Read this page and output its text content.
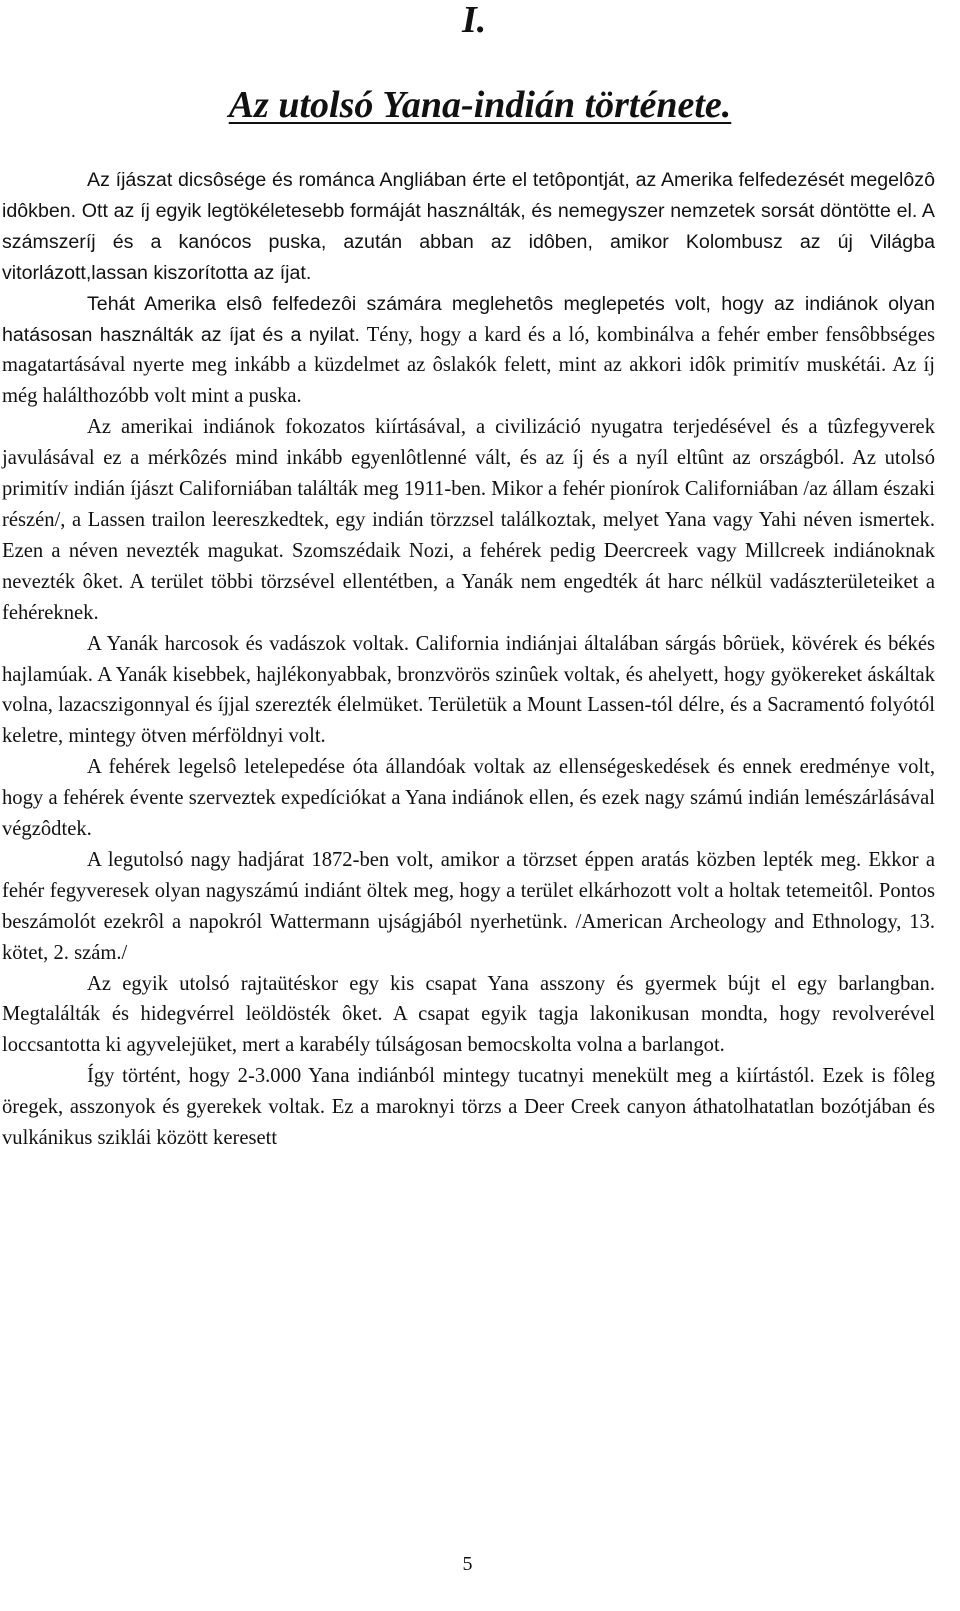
I.
Az utolsó Yana-indián története.

Az íjászat dicsôsége és románca Angliában érte el tetôpontját, az Amerika felfedezését megelôzô idôkben. Ott az íj egyik legtökéletesebb formáját használták, és nemegyszer nemzetek sorsát döntötte el. A számszeríj és a kanócos puska, azután abban az idôben, amikor Kolombusz az új Világba vitorlázott,lassan kiszorította az íjat.

Tehát Amerika elsô felfedezôi számára meglehetôs meglepetés volt, hogy az indiánok olyan hatásosan használták az íjat és a nyilat. Tény, hogy a kard és a ló, kombinálva a fehér ember fensôbbséges magatartásával nyerte meg inkább a küzdelmet az ôslakók felett, mint az akkori idôk primitív muskétái. Az íj még halálthozóbb volt mint a puska.

Az amerikai indiánok fokozatos kiírtásával, a civilizáció nyugatra terjedésével és a tûzfegyverek javulásával ez a mérkôzés mind inkább egyenlôtlenné vált, és az íj és a nyíl eltûnt az országból. Az utolsó primitív indián íjászt Californiában találták meg 1911-ben. Mikor a fehér pionírok Californiában /az állam északi részén/, a Lassen trailon leereszkedtek, egy indián törzzsel találkoztak, melyet Yana vagy Yahi néven ismertek. Ezen a néven nevezték magukat. Szomszédaik Nozi, a fehérek pedig Deercreek vagy Millcreek indiánoknak nevezték ôket. A terület többi törzsével ellentétben, a Yanák nem engedték át harc nélkül vadászterületeiket a fehéreknek.

A Yanák harcosok és vadászok voltak. California indiánjai általában sárgás bôrüek, kövérek és békés hajlamúak. A Yanák kisebbek, hajlékonyabbak, bronzvörös szinûek voltak, és ahelyett, hogy gyökereket áskáltak volna, lazacszigonnyal és íjjal szerezték élelmüket. Területük a Mount Lassen-tól délre, és a Sacramentó folyótól keletre, mintegy ötven mérföldnyi volt.

A fehérek legelsô letelepedése óta állandóak voltak az ellenségeskedések és ennek eredménye volt, hogy a fehérek évente szerveztek expedíciókat a Yana indiánok ellen, és ezek nagy számú indián lemészárlásával végzôdtek.

A legutolsó nagy hadjárat 1872-ben volt, amikor a törzset éppen aratás közben lepték meg. Ekkor a fehér fegyveresek olyan nagyszámú indiánt öltek meg, hogy a terület elkárhozott volt a holtak tetemeitôl. Pontos beszámolót ezekrôl a napokról Wattermann ujságjából nyerhetünk. /American Archeology and Ethnology, 13. kötet, 2. szám./

Az egyik utolsó rajtaütéskor egy kis csapat Yana asszony és gyermek bújt el egy barlangban. Megtalálták és hidegvérrel leöldösték ôket. A csapat egyik tagja lakonikusan mondta, hogy revolverével loccsantotta ki agyvelejüket, mert a karabély túlságosan bemocskolta volna a barlangot.

Így történt, hogy 2-3.000 Yana indiánból mintegy tucatnyi menekült meg a kiírtástól. Ezek is fôleg öregek, asszonyok és gyerekek voltak. Ez a maroknyi törzs a Deer Creek canyon áthatolhatatlan bozótjában és vulkánikus sziklái között keresett

5
